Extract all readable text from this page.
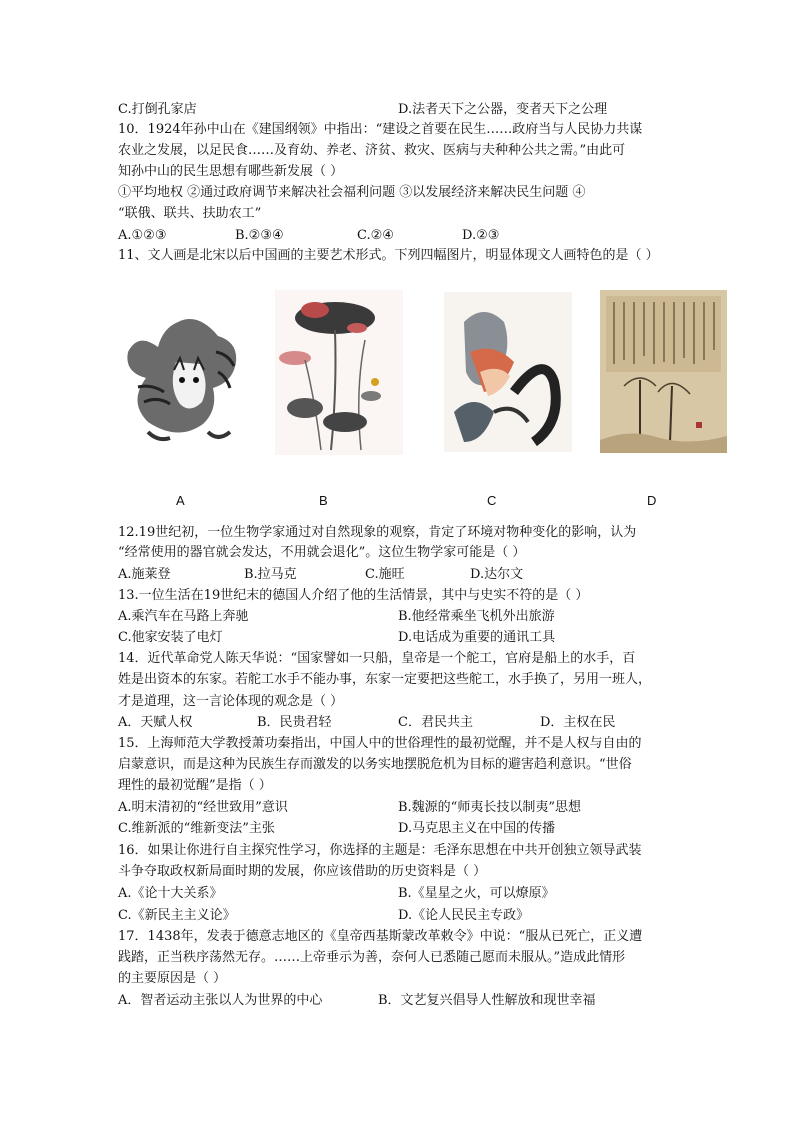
C.打倒孔家店	D.法者天下之公器，变者天下之公理
10．1924年孙中山在《建国纲领》中指出：“建设之首要在民生……政府当与人民协力共谋
农业之发展，以足民食……及育幼、养老、济贫、救灾、医病与夫种种公共之需。”由此可
知孙中山的民生思想有哪些新发展（ ）
①平均地权 ②通过政府调节来解决社会福利问题 ③以发展经济来解决民生问题 ④
“联俄、联共、扶助农工”
A.①②③	B.②③④	C.②④	D.②③
11、文人画是北宋以后中国画的主要艺术形式。下列四幅图片，明显体现文人画特色的是（ ）
A	B	C	D
12.19世纪初，一位生物学家通过对自然现象的观察，肯定了环境对物种变化的影响，认为
“经常使用的器官就会发达，不用就会退化”。这位生物学家可能是（ ）
A.施莱登	B.拉马克	C.施旺	D.达尔文
13.一位生活在19世纪末的德国人介绍了他的生活情景，其中与史实不符的是（ ）
A.乘汽车在马路上奔驰	B.他经常乘坐飞机外出旅游
C.他家安装了电灯	D.电话成为重要的通讯工具
14．近代革命党人陈天华说：“国家譬如一只船，皇帝是一个舵工，官府是船上的水手，百
姓是出资本的东家。若舵工水手不能办事，东家一定要把这些舵工，水手换了，另用一班人，
才是道理，这一言论体现的观念是（ ）
A．天赋人权	B．民贵君轻	C．君民共主	D．主权在民
15．上海师范大学教授萧功秦指出，中国人中的世俗理性的最初觉醒，并不是人权与自由的
启蒙意识，而是这种为民族生存而激发的以务实地摆脱危机为目标的避害趋利意识。“世俗
理性的最初觉醒”是指（ ）
A.明末清初的“经世致用”意识	B.魏源的“师夷长技以制夷”思想
C.维新派的“维新变法”主张	D.马克思主义在中国的传播
16．如果让你进行自主探究性学习，你选择的主题是：毛泽东思想在中共开创独立领导武装
斗争夺取政权新局面时期的发展，你应该借助的历史资料是（ ）
A.《论十大关系》	B.《星星之火，可以燎原》
C.《新民主主义论》	D.《论人民民主专政》
17．1438年，发表于德意志地区的《皇帝西基斯蒙改革敕令》中说：“服从已死亡，正义遭
践踏，正当秩序荡然无存。……上帝垂示为善，奈何人已悉随己愿而未服从。”造成此情形
的主要原因是（ ）
A．智者运动主张以人为世界的中心	B．文艺复兴倡导人性解放和现世幸福
